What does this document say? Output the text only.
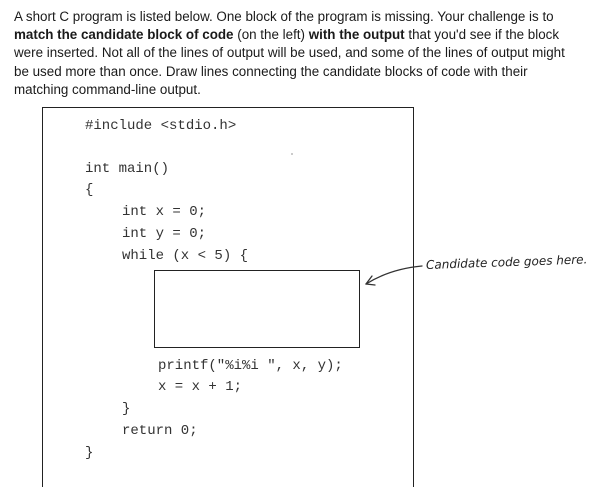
A short C program is listed below. One block of the program is missing. Your challenge is to match the candidate block of code (on the left) with the output that you'd see if the block were inserted. Not all of the lines of output will be used, and some of the lines of output might be used more than once. Draw lines connecting the candidate blocks of code with their matching command-line output.

#include <stdio.h>
int main()
{
int x = 0;
int y = 0;
while (x < 5) {
printf("%i%i ", x, y);
x = x + 1;
}
return 0;
}
Candidate code goes here.
